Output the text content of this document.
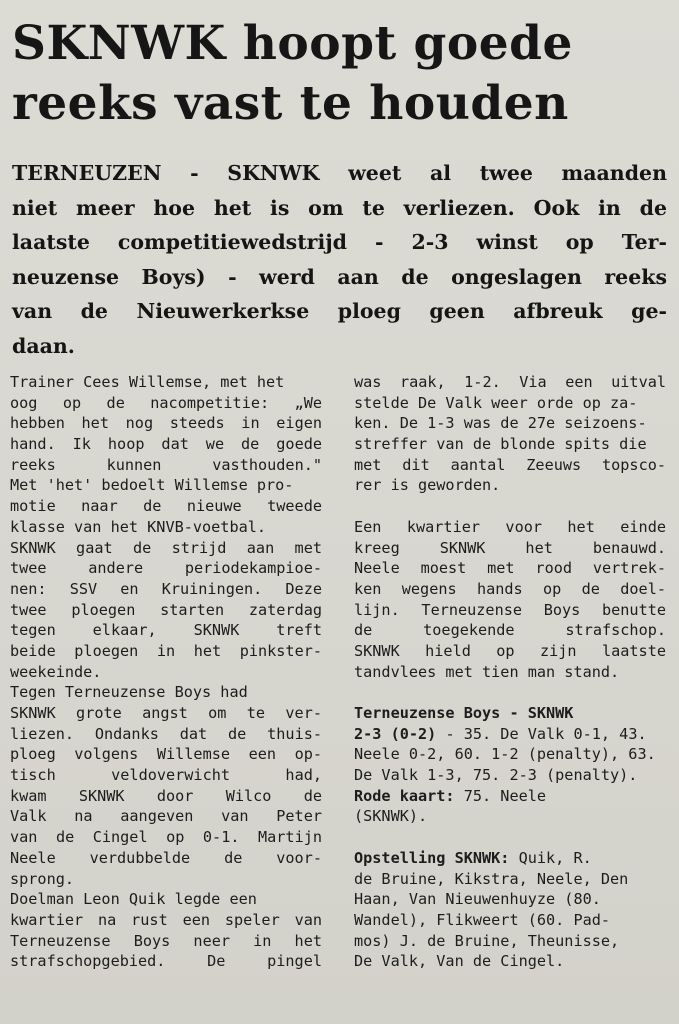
SKNWK hoopt goede
reeks vast te houden
TERNEUZEN - SKNWK weet al twee maanden
niet meer hoe het is om te verliezen. Ook in de
laatste competitiewedstrijd - 2-3 winst op Ter-
neuzense Boys) - werd aan de ongeslagen reeks
van de Nieuwerkerkse ploeg geen afbreuk ge-
daan.
Trainer Cees Willemse, met het
oog op de nacompetitie: „We
hebben het nog steeds in eigen
hand. Ik hoop dat we de goede
reeks kunnen vasthouden."
Met 'het' bedoelt Willemse pro-
motie naar de nieuwe tweede
klasse van het KNVB-voetbal.
SKNWK gaat de strijd aan met
twee andere periodekampioe-
nen: SSV en Kruiningen. Deze
twee ploegen starten zaterdag
tegen elkaar, SKNWK treft
beide ploegen in het pinkster-
weekeinde.
Tegen Terneuzense Boys had
SKNWK grote angst om te ver-
liezen. Ondanks dat de thuis-
ploeg volgens Willemse een op-
tisch veldoverwicht had,
kwam SKNWK door Wilco de
Valk na aangeven van Peter
van de Cingel op 0-1. Martijn
Neele verdubbelde de voor-
sprong.
Doelman Leon Quik legde een
kwartier na rust een speler van
Terneuzense Boys neer in het
strafschopgebied. De pingel
was raak, 1-2. Via een uitval
stelde De Valk weer orde op za-
ken. De 1-3 was de 27e seizoens-
streffer van de blonde spits die
met dit aantal Zeeuws topsco-
rer is geworden.
Een kwartier voor het einde
kreeg SKNWK het benauwd.
Neele moest met rood vertrek-
ken wegens hands op de doel-
lijn. Terneuzense Boys benutte
de toegekende strafschop.
SKNWK hield op zijn laatste
tandvlees met tien man stand.
Terneuzense Boys - SKNWK
2-3 (0-2) - 35. De Valk 0-1, 43.
Neele 0-2, 60. 1-2 (penalty), 63.
De Valk 1-3, 75. 2-3 (penalty).
Rode kaart: 75. Neele
(SKNWK).
Opstelling SKNWK: Quik, R.
de Bruine, Kikstra, Neele, Den
Haan, Van Nieuwenhuyze (80.
Wandel), Flikweert (60. Pad-
mos) J. de Bruine, Theunisse,
De Valk, Van de Cingel.
